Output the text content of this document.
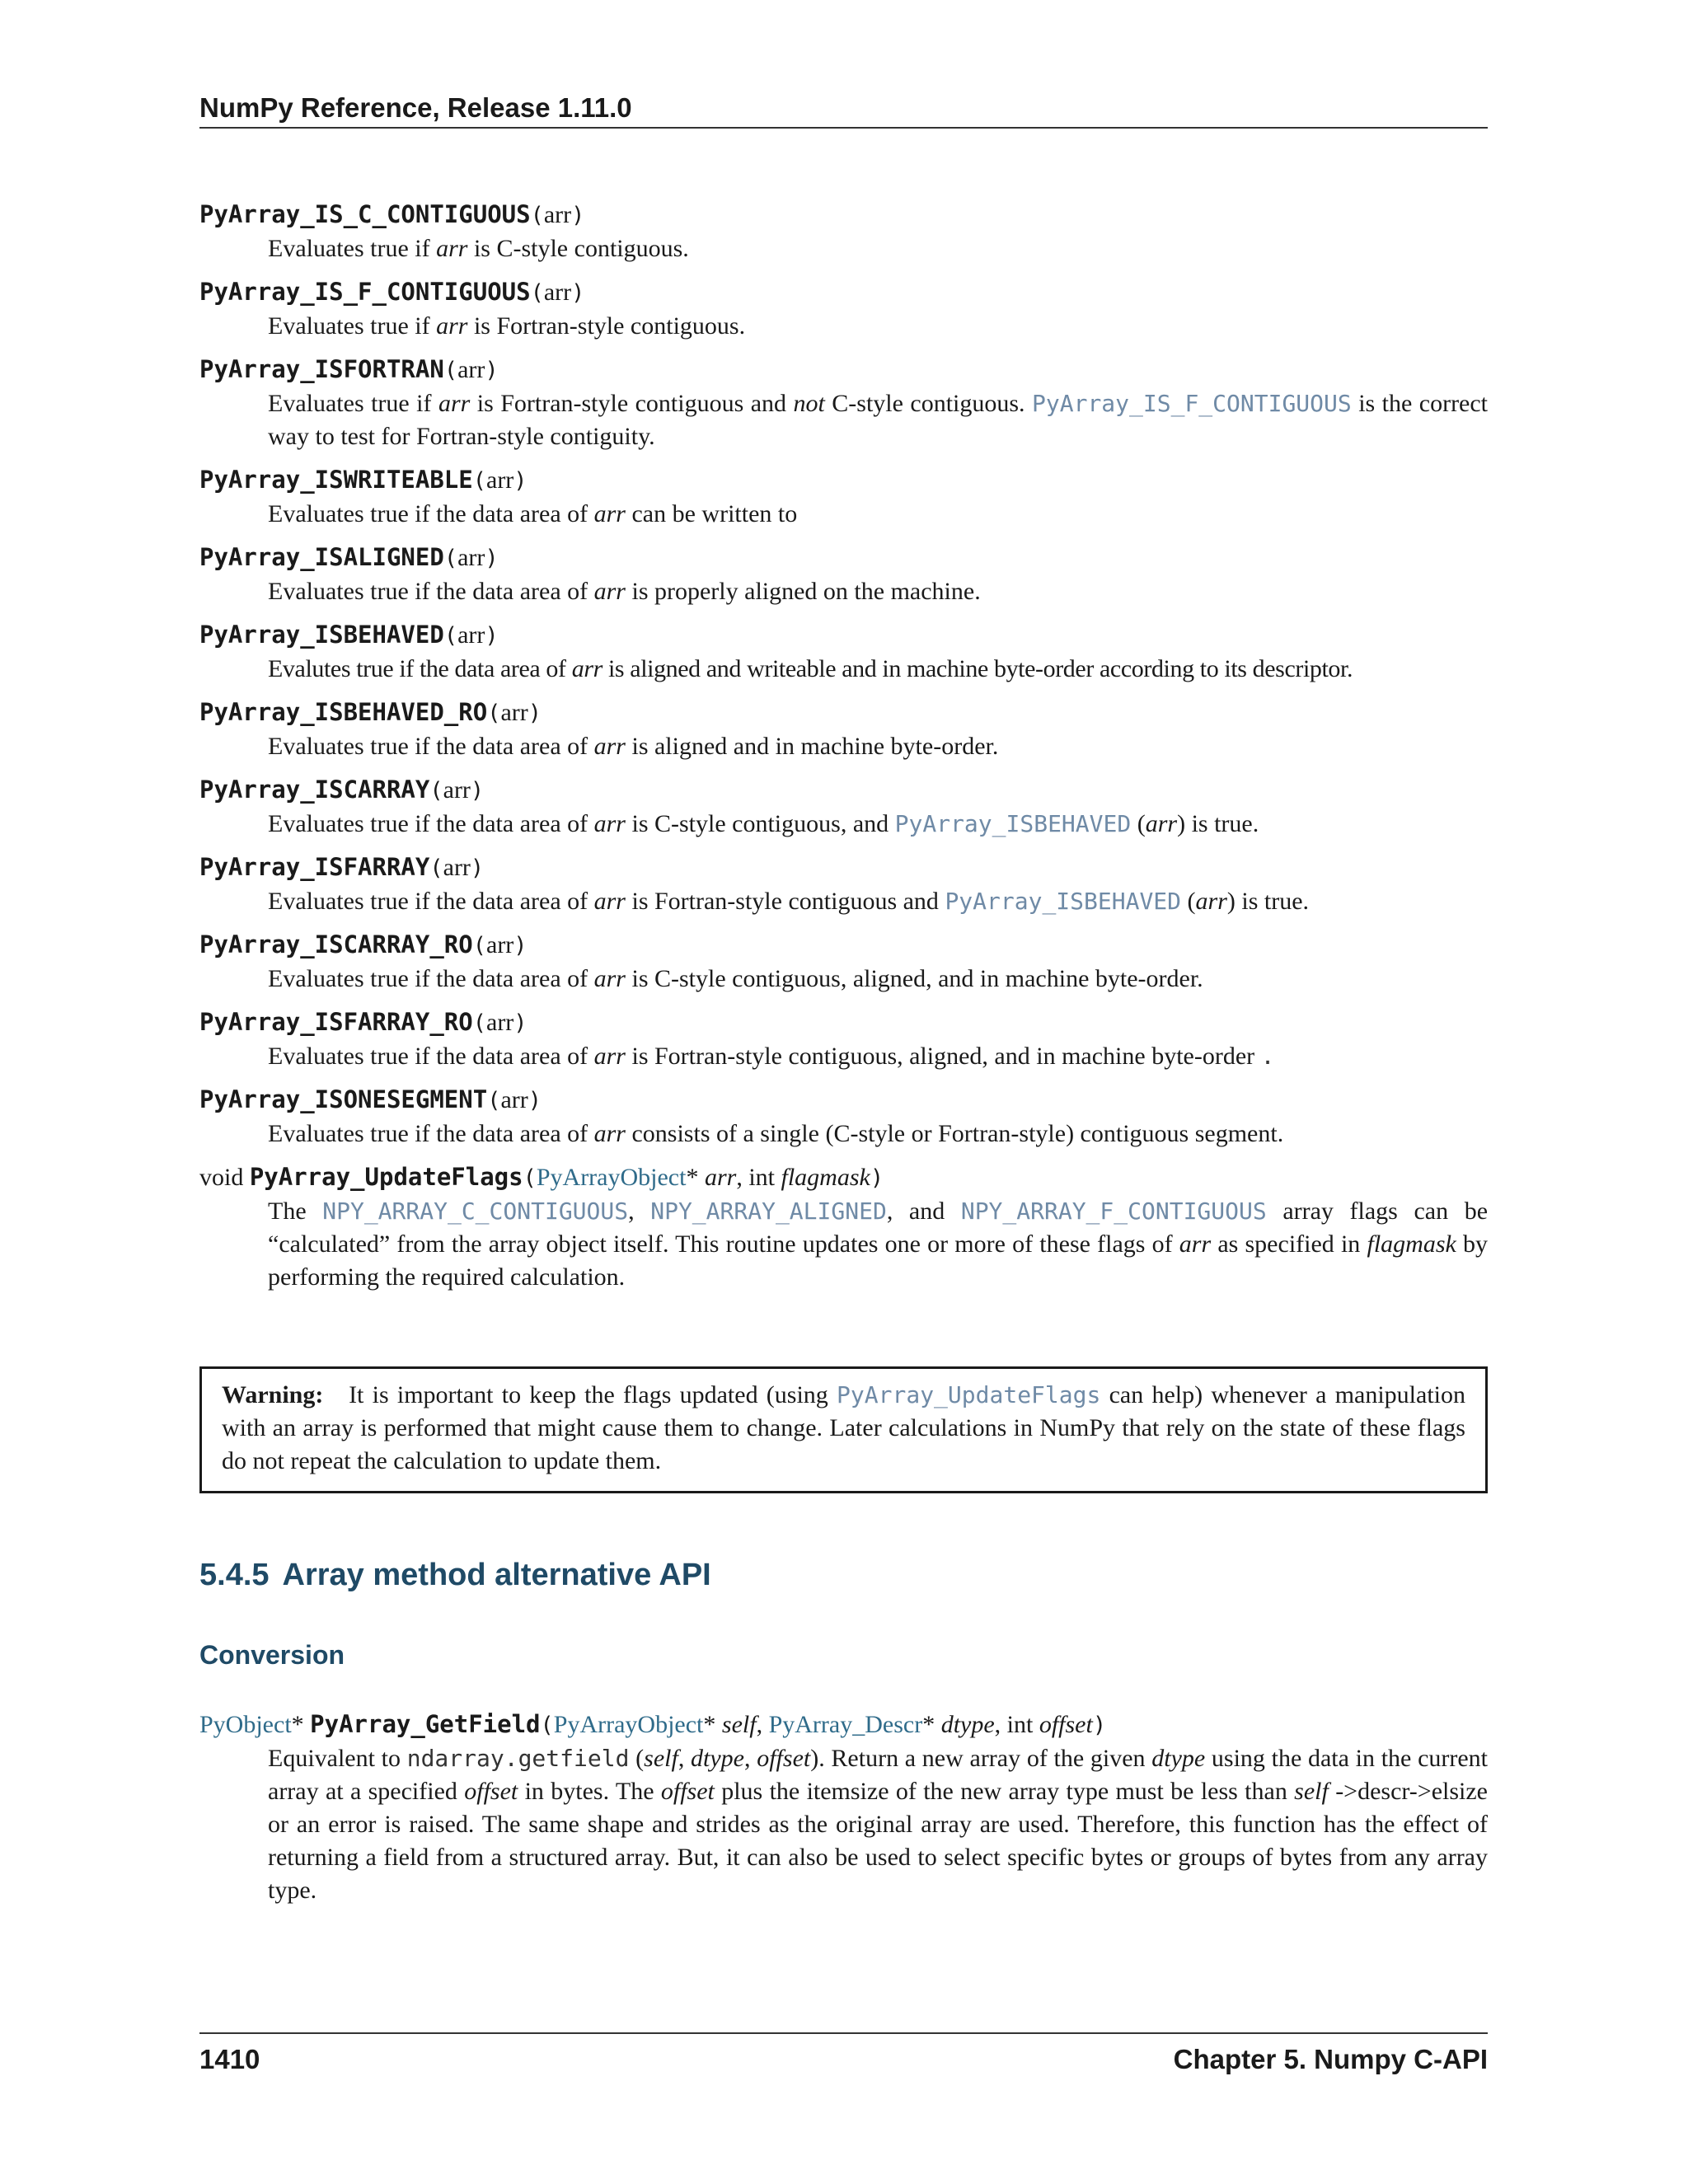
NumPy Reference, Release 1.11.0
PyArray_IS_C_CONTIGUOUS(arr)
Evaluates true if arr is C-style contiguous.
PyArray_IS_F_CONTIGUOUS(arr)
Evaluates true if arr is Fortran-style contiguous.
PyArray_ISFORTRAN(arr)
Evaluates true if arr is Fortran-style contiguous and not C-style contiguous. PyArray_IS_F_CONTIGUOUS is the correct way to test for Fortran-style contiguity.
PyArray_ISWRITEABLE(arr)
Evaluates true if the data area of arr can be written to
PyArray_ISALIGNED(arr)
Evaluates true if the data area of arr is properly aligned on the machine.
PyArray_ISBEHAVED(arr)
Evalutes true if the data area of arr is aligned and writeable and in machine byte-order according to its descriptor.
PyArray_ISBEHAVED_RO(arr)
Evaluates true if the data area of arr is aligned and in machine byte-order.
PyArray_ISCARRAY(arr)
Evaluates true if the data area of arr is C-style contiguous, and PyArray_ISBEHAVED (arr) is true.
PyArray_ISFARRAY(arr)
Evaluates true if the data area of arr is Fortran-style contiguous and PyArray_ISBEHAVED (arr) is true.
PyArray_ISCARRAY_RO(arr)
Evaluates true if the data area of arr is C-style contiguous, aligned, and in machine byte-order.
PyArray_ISFARRAY_RO(arr)
Evaluates true if the data area of arr is Fortran-style contiguous, aligned, and in machine byte-order .
PyArray_ISONESEGMENT(arr)
Evaluates true if the data area of arr consists of a single (C-style or Fortran-style) contiguous segment.
void PyArray_UpdateFlags(PyArrayObject* arr, int flagmask)
The NPY_ARRAY_C_CONTIGUOUS, NPY_ARRAY_ALIGNED, and NPY_ARRAY_F_CONTIGUOUS array flags can be “calculated” from the array object itself. This routine updates one or more of these flags of arr as specified in flagmask by performing the required calculation.
Warning: It is important to keep the flags updated (using PyArray_UpdateFlags can help) whenever a manipulation with an array is performed that might cause them to change. Later calculations in NumPy that rely on the state of these flags do not repeat the calculation to update them.
5.4.5 Array method alternative API
Conversion
PyObject* PyArray_GetField(PyArrayObject* self, PyArray_Descr* dtype, int offset)
Equivalent to ndarray.getfield (self, dtype, offset). Return a new array of the given dtype using the data in the current array at a specified offset in bytes. The offset plus the itemsize of the new array type must be less than self ->descr->elsize or an error is raised. The same shape and strides as the original array are used. Therefore, this function has the effect of returning a field from a structured array. But, it can also be used to select specific bytes or groups of bytes from any array type.
1410	Chapter 5. Numpy C-API
